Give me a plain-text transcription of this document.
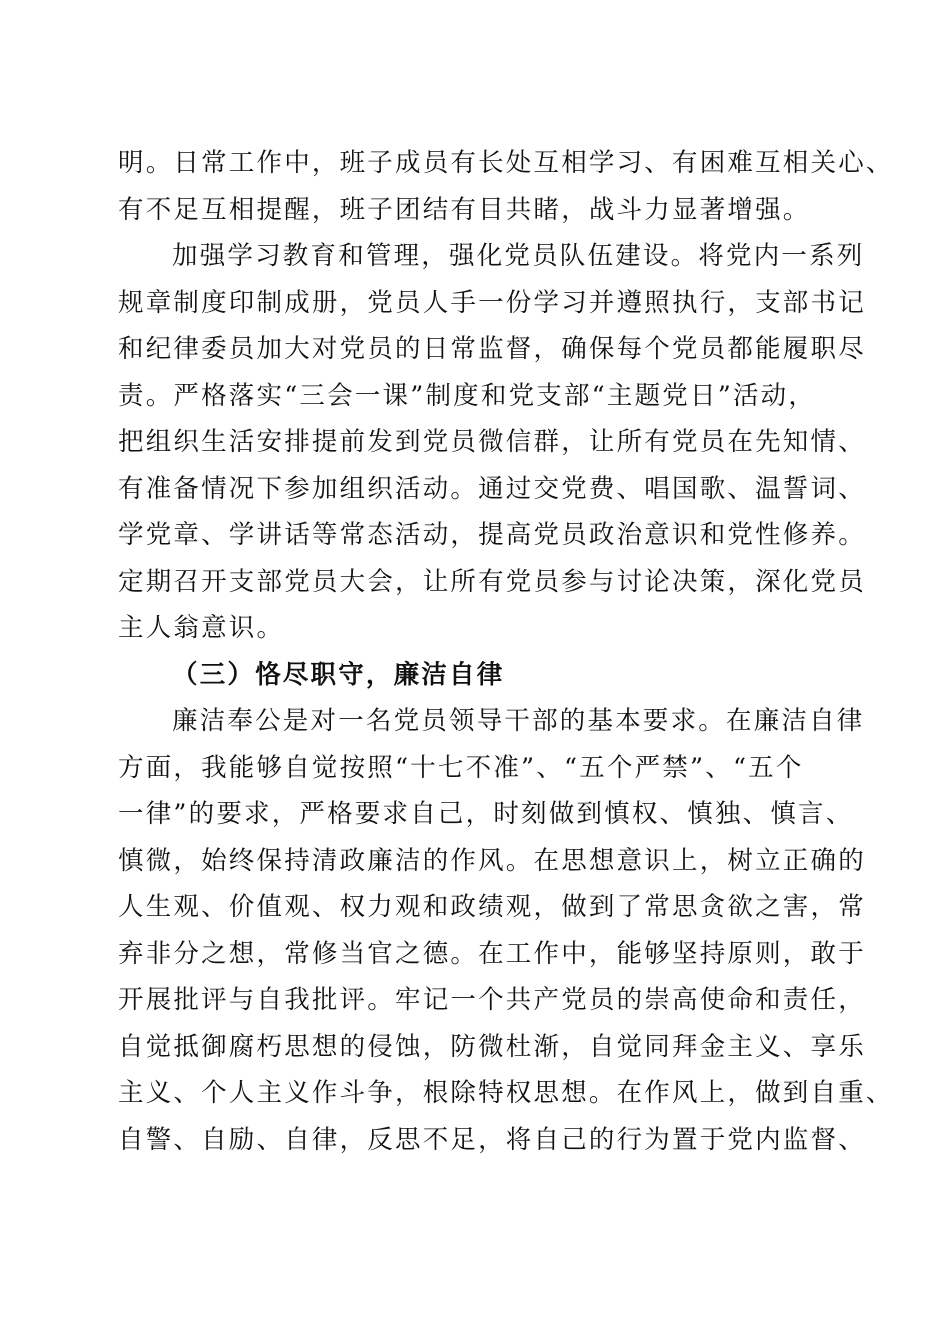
明。日常工作中，班子成员有长处互相学习、有困难互相关心、
有不足互相提醒，班子团结有目共睹，战斗力显著增强。
加强学习教育和管理，强化党员队伍建设。将党内一系列
规章制度印制成册，党员人手一份学习并遵照执行，支部书记
和纪律委员加大对党员的日常监督，确保每个党员都能履职尽
责。严格落实“三会一课”制度和党支部“主题党日”活动，
把组织生活安排提前发到党员微信群，让所有党员在先知情、
有准备情况下参加组织活动。通过交党费、唱国歌、温誓词、
学党章、学讲话等常态活动，提高党员政治意识和党性修养。
定期召开支部党员大会，让所有党员参与讨论决策，深化党员
主人翁意识。
（三）恪尽职守，廉洁自律
廉洁奉公是对一名党员领导干部的基本要求。在廉洁自律
方面，我能够自觉按照“十七不准”、“五个严禁”、“五个
一律”的要求，严格要求自己，时刻做到慎权、慎独、慎言、
慎微，始终保持清政廉洁的作风。在思想意识上，树立正确的
人生观、价值观、权力观和政绩观，做到了常思贪欲之害，常
弃非分之想，常修当官之德。在工作中，能够坚持原则，敢于
开展批评与自我批评。牢记一个共产党员的崇高使命和责任，
自觉抵御腐朽思想的侵蚀，防微杜渐，自觉同拜金主义、享乐
主义、个人主义作斗争，根除特权思想。在作风上，做到自重、
自警、自励、自律，反思不足，将自己的行为置于党内监督、
